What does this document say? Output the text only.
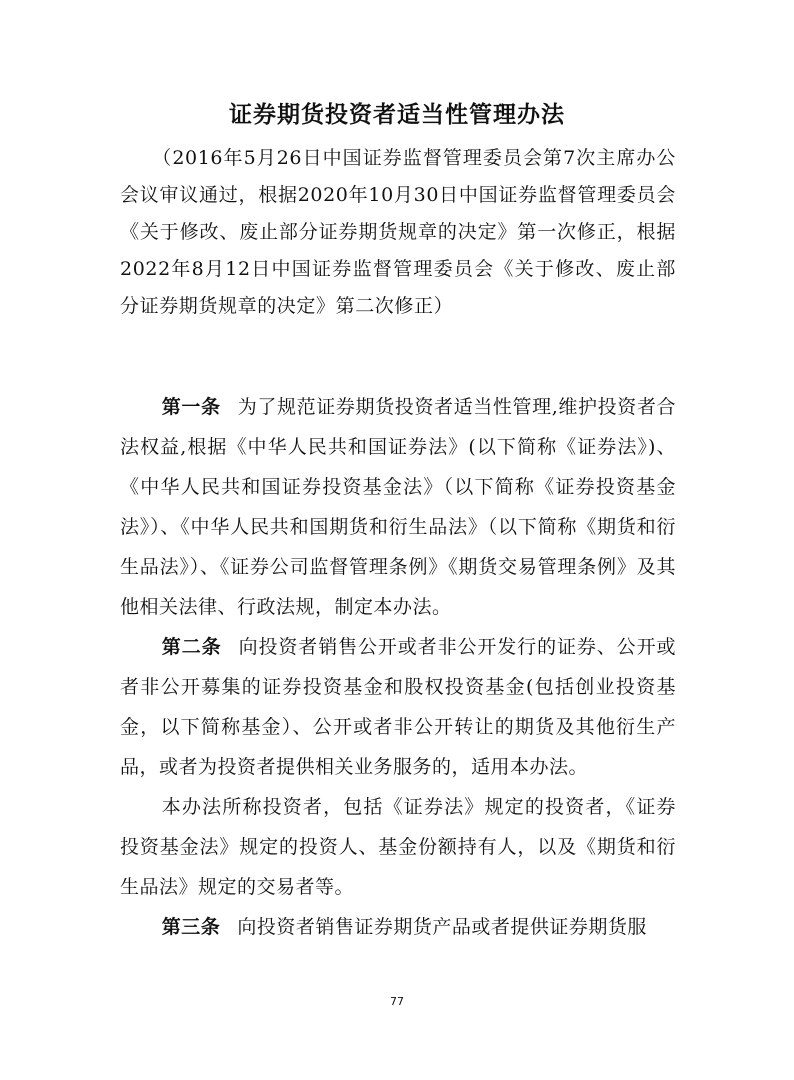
证券期货投资者适当性管理办法
（2016年5月26日中国证券监督管理委员会第7次主席办公会议审议通过，根据2020年10月30日中国证券监督管理委员会《关于修改、废止部分证券期货规章的决定》第一次修正，根据2022年8月12日中国证券监督管理委员会《关于修改、废止部分证券期货规章的决定》第二次修正）

第一条 为了规范证券期货投资者适当性管理,维护投资者合法权益,根据《中华人民共和国证券法》(以下简称《证券法》)、《中华人民共和国证券投资基金法》（以下简称《证券投资基金法》）、《中华人民共和国期货和衍生品法》（以下简称《期货和衍生品法》）、《证券公司监督管理条例》《期货交易管理条例》及其他相关法律、行政法规，制定本办法。

第二条 向投资者销售公开或者非公开发行的证券、公开或者非公开募集的证券投资基金和股权投资基金(包括创业投资基金，以下简称基金）、公开或者非公开转让的期货及其他衍生产品，或者为投资者提供相关业务服务的，适用本办法。

本办法所称投资者，包括《证券法》规定的投资者，《证券投资基金法》规定的投资人、基金份额持有人，以及《期货和衍生品法》规定的交易者等。

第三条 向投资者销售证券期货产品或者提供证券期货服

77
